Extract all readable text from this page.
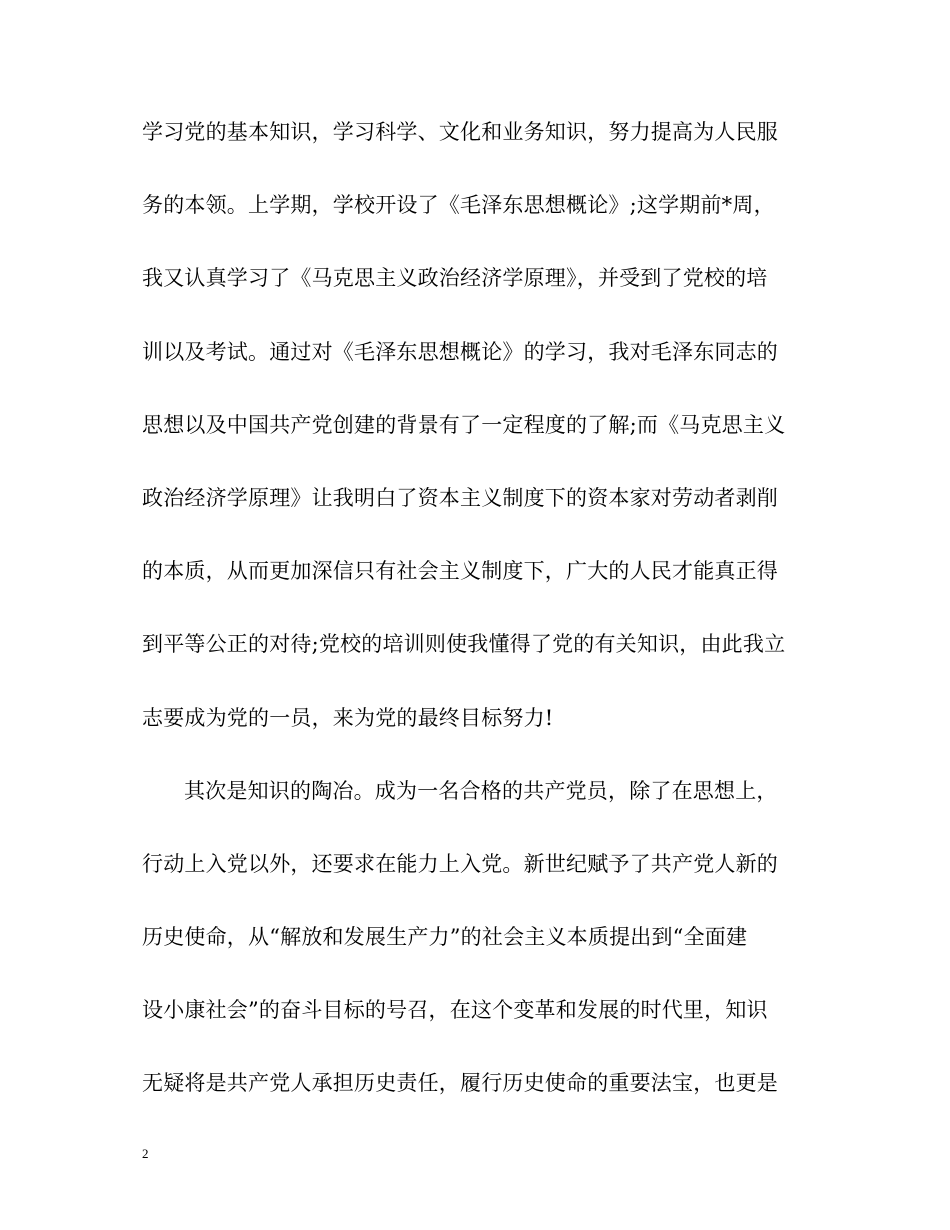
学习党的基本知识，学习科学、文化和业务知识，努力提高为人民服
务的本领。上学期，学校开设了《毛泽东思想概论》;这学期前*周，
我又认真学习了《马克思主义政治经济学原理》，并受到了党校的培
训以及考试。通过对《毛泽东思想概论》的学习，我对毛泽东同志的
思想以及中国共产党创建的背景有了一定程度的了解;而《马克思主义
政治经济学原理》让我明白了资本主义制度下的资本家对劳动者剥削
的本质，从而更加深信只有社会主义制度下，广大的人民才能真正得
到平等公正的对待;党校的培训则使我懂得了党的有关知识，由此我立
志要成为党的一员，来为党的最终目标努力!
其次是知识的陶冶。成为一名合格的共产党员，除了在思想上，
行动上入党以外，还要求在能力上入党。新世纪赋予了共产党人新的
历史使命，从“解放和发展生产力”的社会主义本质提出到“全面建
设小康社会”的奋斗目标的号召，在这个变革和发展的时代里，知识
无疑将是共产党人承担历史责任，履行历史使命的重要法宝，也更是
2
